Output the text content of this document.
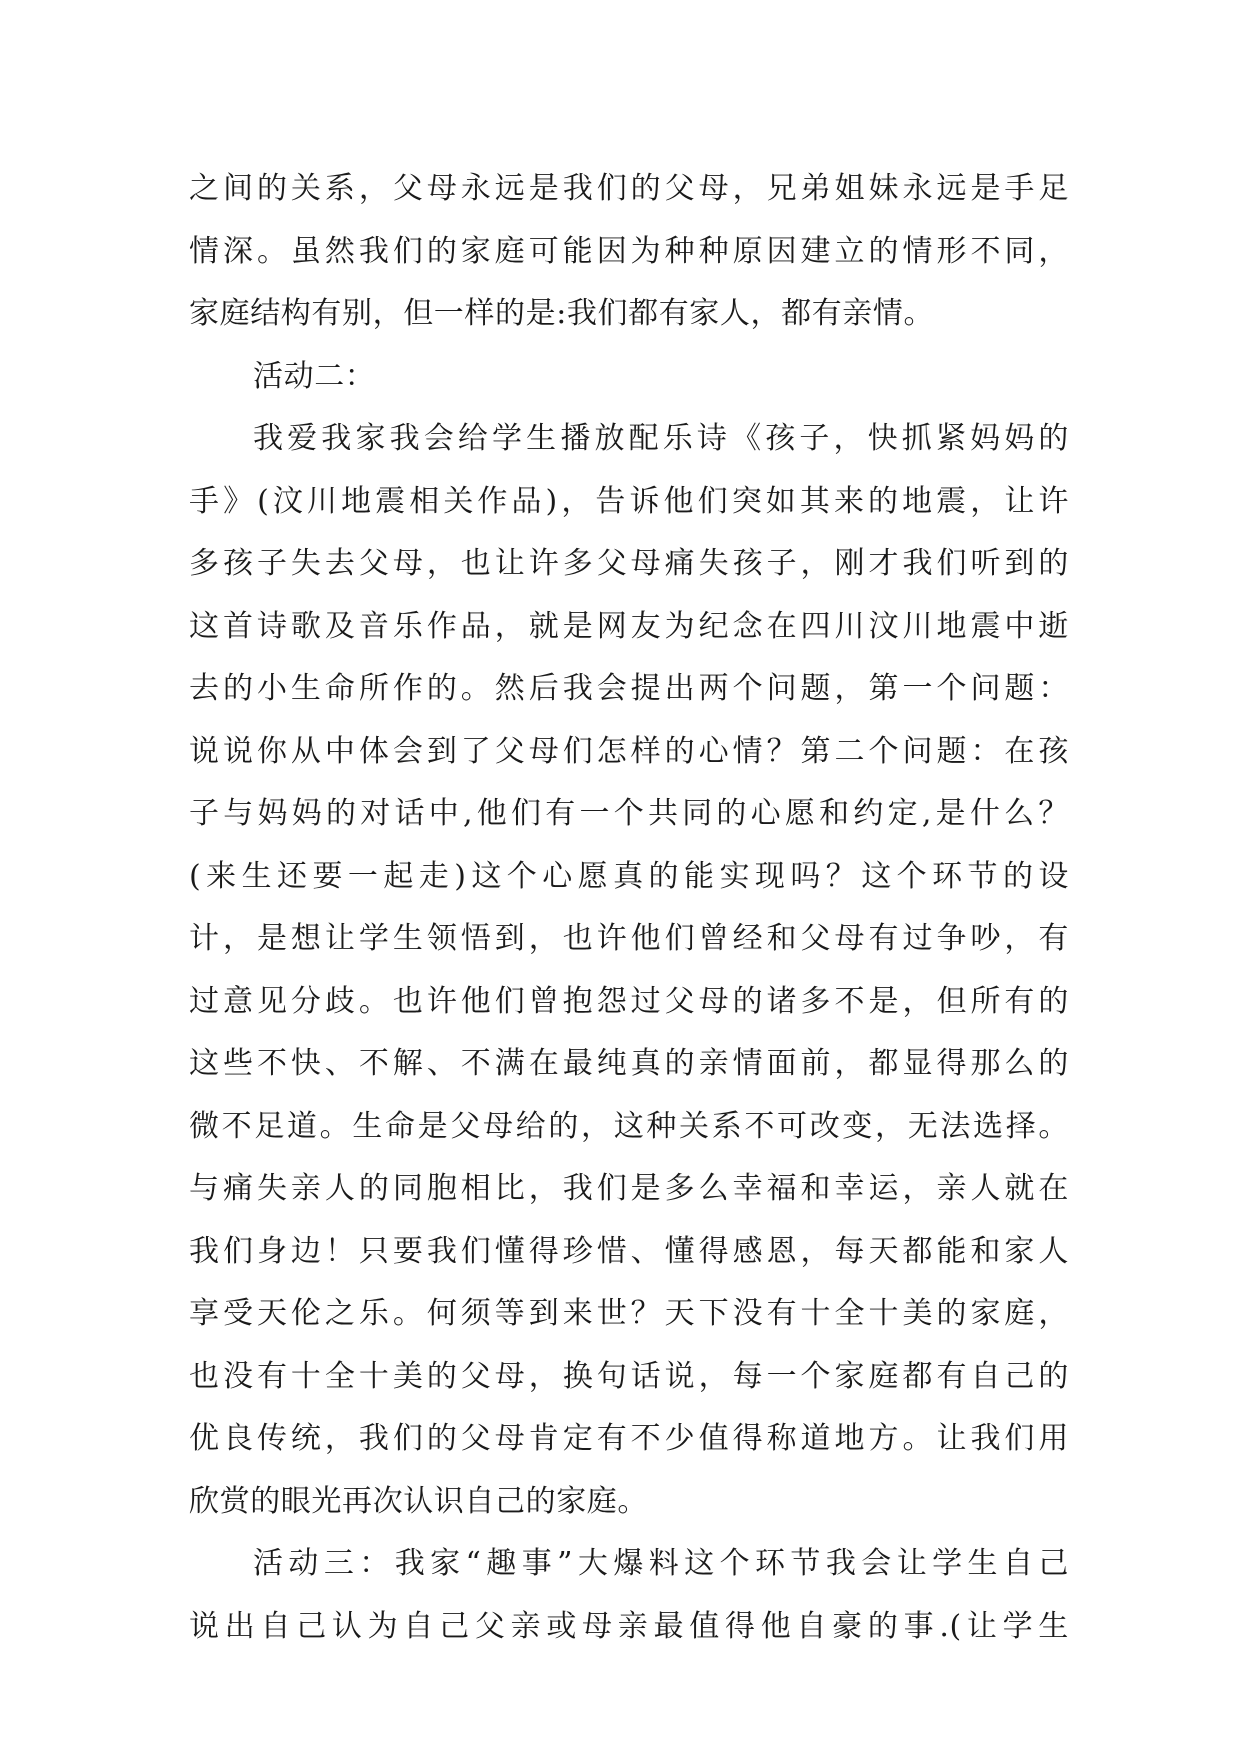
之间的关系，父母永远是我们的父母，兄弟姐妹永远是手足
情深。虽然我们的家庭可能因为种种原因建立的情形不同，
家庭结构有别，但一样的是:我们都有家人，都有亲情。
活动二：
我爱我家我会给学生播放配乐诗《孩子，快抓紧妈妈的
手》(汶川地震相关作品)，告诉他们突如其来的地震，让许
多孩子失去父母，也让许多父母痛失孩子，刚才我们听到的
这首诗歌及音乐作品，就是网友为纪念在四川汶川地震中逝
去的小生命所作的。然后我会提出两个问题，第一个问题：
说说你从中体会到了父母们怎样的心情？第二个问题：在孩
子与妈妈的对话中,他们有一个共同的心愿和约定,是什么？
(来生还要一起走)这个心愿真的能实现吗？这个环节的设
计，是想让学生领悟到，也许他们曾经和父母有过争吵，有
过意见分歧。也许他们曾抱怨过父母的诸多不是，但所有的
这些不快、不解、不满在最纯真的亲情面前，都显得那么的
微不足道。生命是父母给的，这种关系不可改变，无法选择。
与痛失亲人的同胞相比，我们是多么幸福和幸运，亲人就在
我们身边！只要我们懂得珍惜、懂得感恩，每天都能和家人
享受天伦之乐。何须等到来世？天下没有十全十美的家庭，
也没有十全十美的父母，换句话说，每一个家庭都有自己的
优良传统，我们的父母肯定有不少值得称道地方。让我们用
欣赏的眼光再次认识自己的家庭。
活动三：我家“趣事”大爆料这个环节我会让学生自己
说出自己认为自己父亲或母亲最值得他自豪的事.(让学生
